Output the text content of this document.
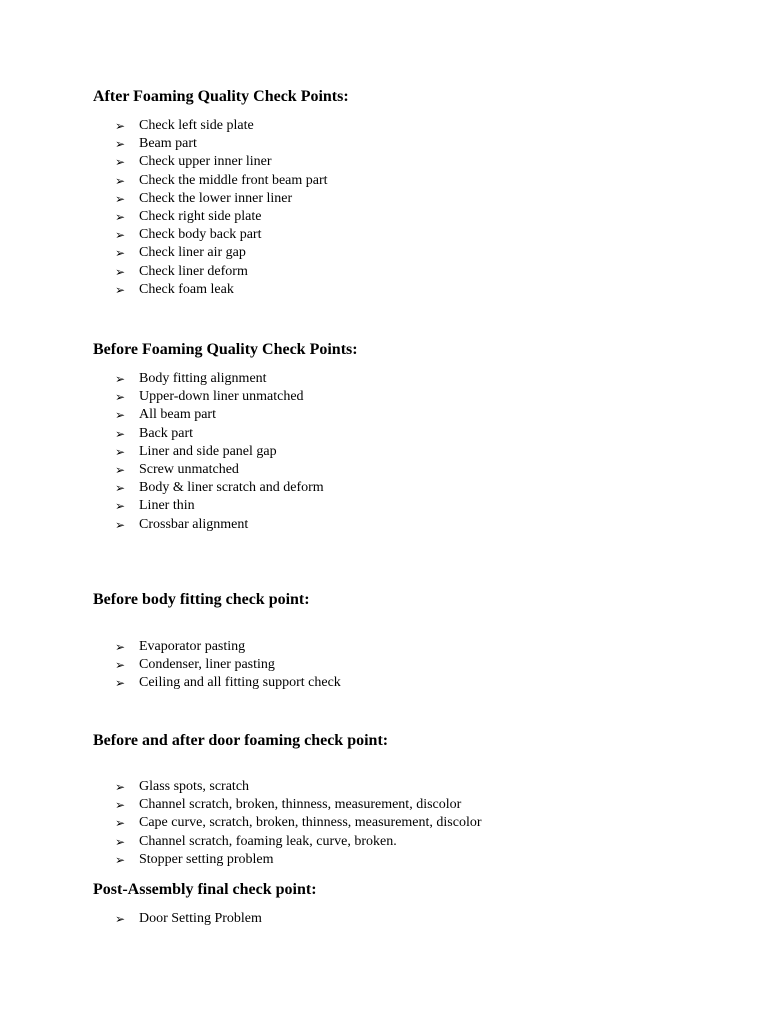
After Foaming Quality Check Points:
➢ Check left side plate
➢ Beam part
➢ Check upper inner liner
➢ Check the middle front beam part
➢ Check the lower inner liner
➢ Check right side plate
➢ Check body back part
➢ Check liner air gap
➢ Check liner deform
➢ Check foam leak
Before Foaming Quality Check Points:
➢ Body fitting alignment
➢ Upper-down liner unmatched
➢ All beam part
➢ Back part
➢ Liner and side panel gap
➢ Screw unmatched
➢ Body & liner scratch and deform
➢ Liner thin
➢ Crossbar alignment
Before body fitting check point:
➢ Evaporator pasting
➢ Condenser, liner pasting
➢ Ceiling and all fitting support check
Before and after door foaming check point:
➢ Glass spots, scratch
➢ Channel scratch, broken, thinness, measurement, discolor
➢ Cape curve, scratch, broken, thinness, measurement, discolor
➢ Channel scratch, foaming leak, curve, broken.
➢ Stopper setting problem
Post-Assembly final check point:
➢ Door Setting Problem
